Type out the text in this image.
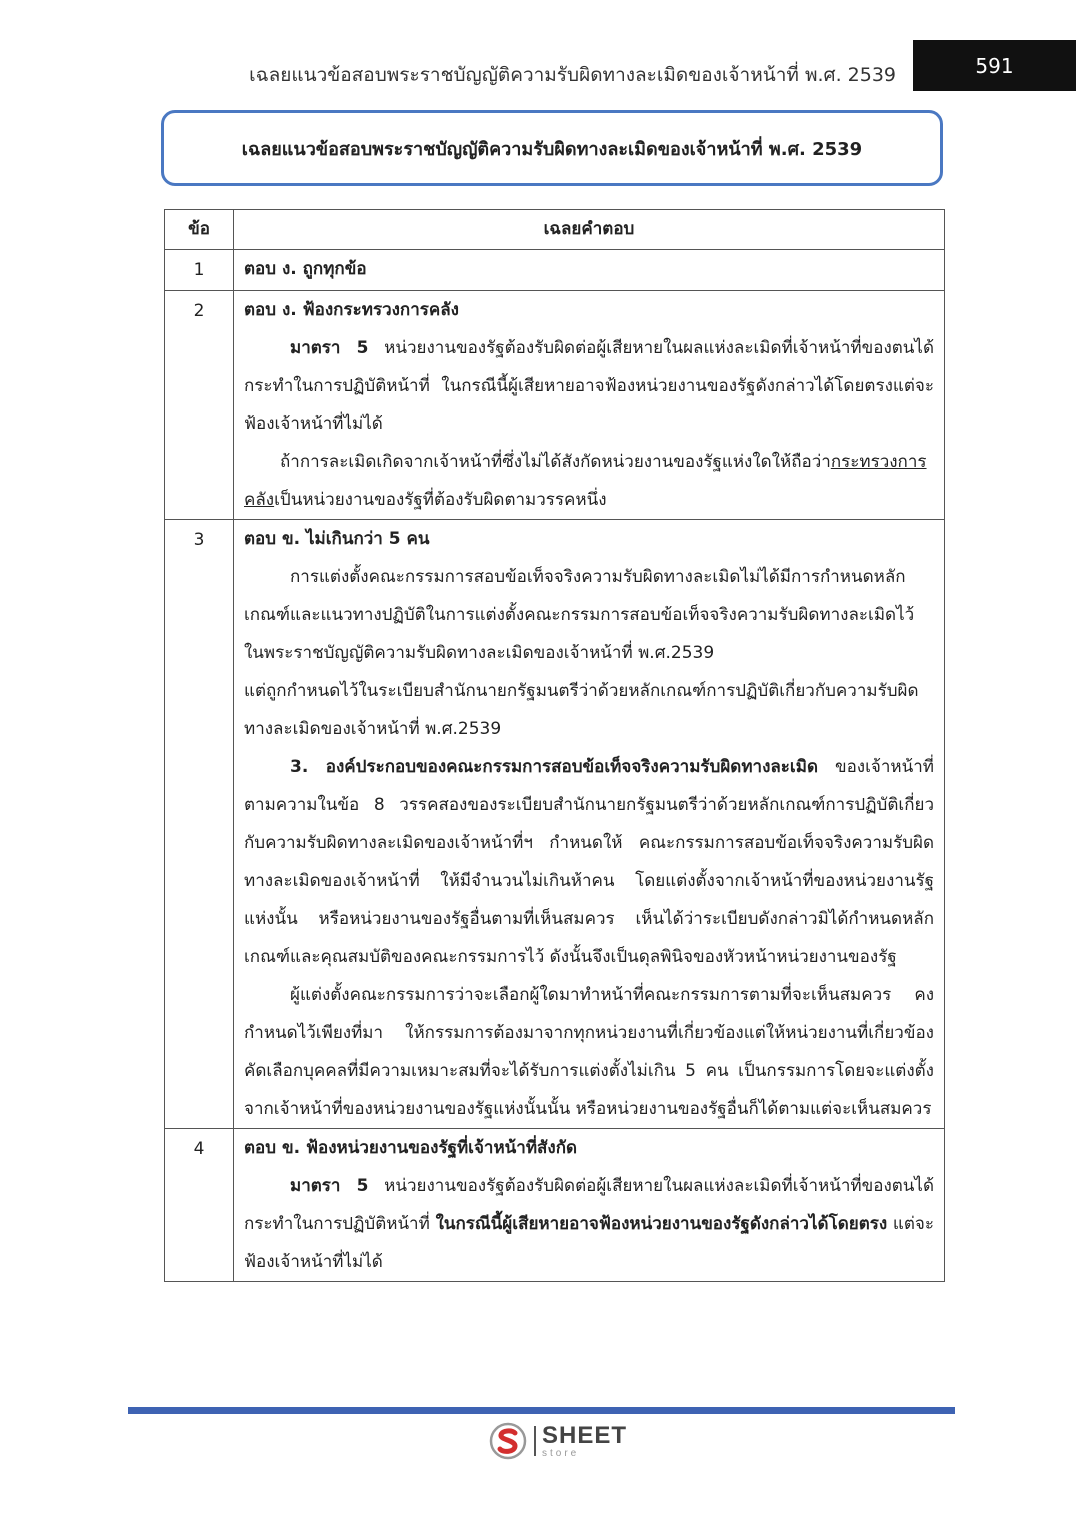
เฉลยแนวข้อสอบพระราชบัญญัติความรับผิดทางละเมิดของเจ้าหน้าที่ พ.ศ. 2539	591
เฉลยแนวข้อสอบพระราชบัญญัติความรับผิดทางละเมิดของเจ้าหน้าที่ พ.ศ. 2539
ข้อ	เฉลยคำตอบ
1	ตอบ ง. ถูกทุกข้อ

2	ตอบ ง. ฟ้องกระทรวงการคลัง

มาตรา 5 หน่วยงานของรัฐต้องรับผิดต่อผู้เสียหายในผลแห่งละเมิดที่เจ้าหน้าที่ของตนได้กระทำในการปฏิบัติหน้าที่ ในกรณีนี้ผู้เสียหายอาจฟ้องหน่วยงานของรัฐดังกล่าวได้โดยตรงแต่จะฟ้องเจ้าหน้าที่ไม่ได้

ถ้าการละเมิดเกิดจากเจ้าหน้าที่ซึ่งไม่ได้สังกัดหน่วยงานของรัฐแห่งใดให้ถือว่ากระทรวงการคลังเป็นหน่วยงานของรัฐที่ต้องรับผิดตามวรรคหนึ่ง

3	ตอบ ข. ไม่เกินกว่า 5 คน

การแต่งตั้งคณะกรรมการสอบข้อเท็จจริงความรับผิดทางละเมิดไม่ได้มีการกำหนดหลักเกณฑ์และแนวทางปฏิบัติในการแต่งตั้งคณะกรรมการสอบข้อเท็จจริงความรับผิดทางละเมิดไว้ในพระราชบัญญัติความรับผิดทางละเมิดของเจ้าหน้าที่ พ.ศ.2539

แต่ถูกกำหนดไว้ในระเบียบสำนักนายกรัฐมนตรีว่าด้วยหลักเกณฑ์การปฏิบัติเกี่ยวกับความรับผิดทางละเมิดของเจ้าหน้าที่ พ.ศ.2539

3. องค์ประกอบของคณะกรรมการสอบข้อเท็จจริงความรับผิดทางละเมิด ของเจ้าหน้าที่ตามความในข้อ 8 วรรคสองของระเบียบสำนักนายกรัฐมนตรีว่าด้วยหลักเกณฑ์การปฏิบัติเกี่ยวกับความรับผิดทางละเมิดของเจ้าหน้าที่ฯ กำหนดให้ คณะกรรมการสอบข้อเท็จจริงความรับผิดทางละเมิดของเจ้าหน้าที่ ให้มีจำนวนไม่เกินห้าคน โดยแต่งตั้งจากเจ้าหน้าที่ของหน่วยงานรัฐแห่งนั้น หรือหน่วยงานของรัฐอื่นตามที่เห็นสมควร เห็นได้ว่าระเบียบดังกล่าวมิได้กำหนดหลักเกณฑ์และคุณสมบัติของคณะกรรมการไว้ ดังนั้นจึงเป็นดุลพินิจของหัวหน้าหน่วยงานของรัฐ

ผู้แต่งตั้งคณะกรรมการว่าจะเลือกผู้ใดมาทำหน้าที่คณะกรรมการตามที่จะเห็นสมควร คงกำหนดไว้เพียงที่มา ให้กรรมการต้องมาจากทุกหน่วยงานที่เกี่ยวข้องแต่ให้หน่วยงานที่เกี่ยวข้องคัดเลือกบุคคลที่มีความเหมาะสมที่จะได้รับการแต่งตั้งไม่เกิน 5 คน เป็นกรรมการโดยจะแต่งตั้งจากเจ้าหน้าที่ของหน่วยงานของรัฐแห่งนั้นนั้น หรือหน่วยงานของรัฐอื่นก็ได้ตามแต่จะเห็นสมควร

4	ตอบ ข. ฟ้องหน่วยงานของรัฐที่เจ้าหน้าที่สังกัด

มาตรา 5 หน่วยงานของรัฐต้องรับผิดต่อผู้เสียหายในผลแห่งละเมิดที่เจ้าหน้าที่ของตนได้กระทำในการปฏิบัติหน้าที่ ในกรณีนี้ผู้เสียหายอาจฟ้องหน่วยงานของรัฐดังกล่าวได้โดยตรง แต่จะฟ้องเจ้าหน้าที่ไม่ได้

SHEET
store
